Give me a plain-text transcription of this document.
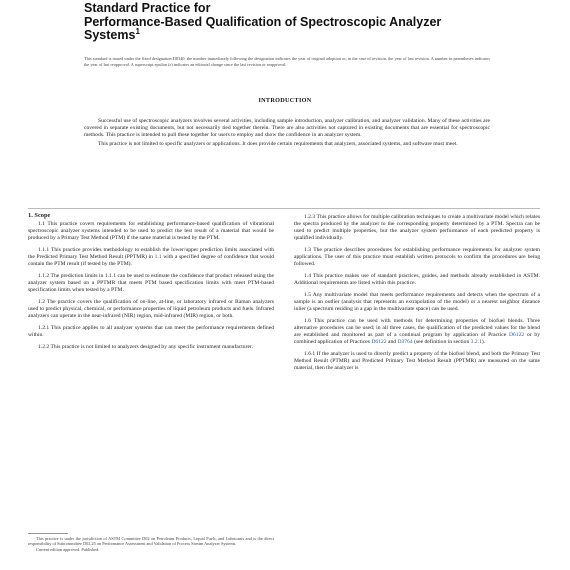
Standard Practice for
Performance-Based Qualification of Spectroscopic Analyzer
Systems$^1$
This standard is issued under the fixed designation D8340; the number immediately following the designation indicates the year of original adoption or, in the case of revision, the year of last revision. A number in parentheses indicates the year of last reapproval. A superscript epsilon (ε) indicates an editorial change since the last revision or reapproval.
INTRODUCTION

Successful use of spectroscopic analyzers involves several activities, including sample introduction, analyzer calibration, and analyzer validation. Many of these activities are covered in separate existing documents, but not necessarily tied together therein. There are also activities not captured in existing documents that are essential for spectroscopic methods. This practice is intended to pull these together for users to employ and show the confidence in an analyzer system.

This practice is not limited to specific analyzers or applications. It does provide certain requirements that analyzers, associated systems, and software must meet.

1. Scope

1.1 This practice covers requirements for establishing performance-based qualification of vibrational spectroscopic analyzer systems intended to be used to predict the test result of a material that would be produced by a Primary Test Method (PTM) if the same material is tested by the PTM.

1.1.1 This practice provides methodology to establish the lower/upper prediction limits associated with the Predicted Primary Test Method Result (PPTMR) in 1.1 with a specified degree of confidence that would contain the PTM result (if tested by the PTM).

1.1.2 The prediction limits in 1.1.1 can be used to estimate the confidence that product released using the analyzer system based on a PPTMR that meets PTM based specification limits with meet PTM-based specification limits when tested by a PTM.

1.2 The practice covers the qualification of on-line, at-line, or laboratory infrared or Raman analyzers used to predict physical, chemical, or performance properties of liquid petroleum products and fuels. Infrared analyzers can operate in the near-infrared (NIR) region, mid-infrared (MIR) region, or both.

1.2.1 This practice applies to all analyzer systems that can meet the performance requirements defined within.

1.2.2 This practice is not limited to analyzers designed by any specific instrument manufacturer.

1.2.3 This practice allows for multiple calibration techniques to create a multivariate model which relates the spectra produced by the analyzer to the corresponding property determined by a PTM. Spectra can be used to predict multiple properties, but the analyzer system performance of each predicted property is qualified individually.

1.3 The practice describes procedures for establishing performance requirements for analyzer system applications. The user of this practice must establish written protocols to confirm the procedures are being followed.

1.4 This practice makes use of standard practices, guides, and methods already established in ASTM. Additional requirements are listed within this practice.

1.5 Any multivariate model that meets performance requirements and detects when the spectrum of a sample is an outlier (analysis that represents an extrapolation of the model) or a nearest neighbor distance inlier (a spectrum residing in a gap in the multivariate space) can be used.

1.6 This practice can be used with methods for determining properties of biofuel blends. Three alternative procedures can be used; in all three cases, the qualification of the predicted values for the blend are established and monitored as part of a continual program by application of Practice D6122 or by combined application of Practices D6122 and D3764 (see definition in section 3.2.1).

1.6.1 If the analyzer is used to directly predict a property of the biofuel blend, and both the Primary Test Method Result (PTMR) and Predicted Primary Test Method Result (PPTMR) are measured on the same material, then the analyzer is

This practice is under the jurisdiction of ASTM Committee D02 on Petroleum Products, Liquid Fuels, and Lubricants and is the direct responsibility of Subcommittee D02.25 on Performance Assessment and Validation of Process Stream Analyzer Systems.

Current edition approved. Published.
